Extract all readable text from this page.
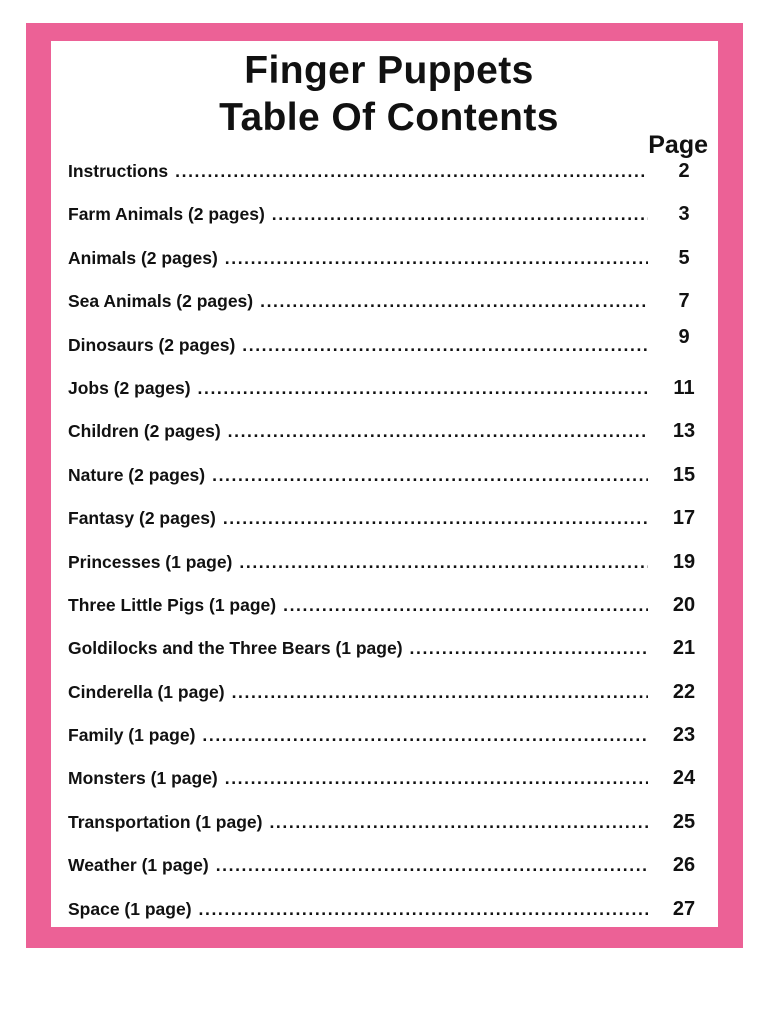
Finger Puppets
Table Of Contents
Page
Instructions .....	2
Farm Animals (2 pages) .....	3
Animals (2 pages) .....	5
Sea Animals (2 pages) .....	7
Dinosaurs (2 pages) .....	9
Jobs (2 pages) .....	11
Children (2 pages) .....	13
Nature (2 pages) .....	15
Fantasy (2 pages) .....	17
Princesses (1 page) .....	19
Three Little Pigs (1 page) .....	20
Goldilocks and the Three Bears (1 page) .....	21
Cinderella (1 page) .....	22
Family (1 page) .....	23
Monsters (1 page) .....	24
Transportation (1 page) .....	25
Weather (1 page) .....	26
Space (1 page) .....	27
